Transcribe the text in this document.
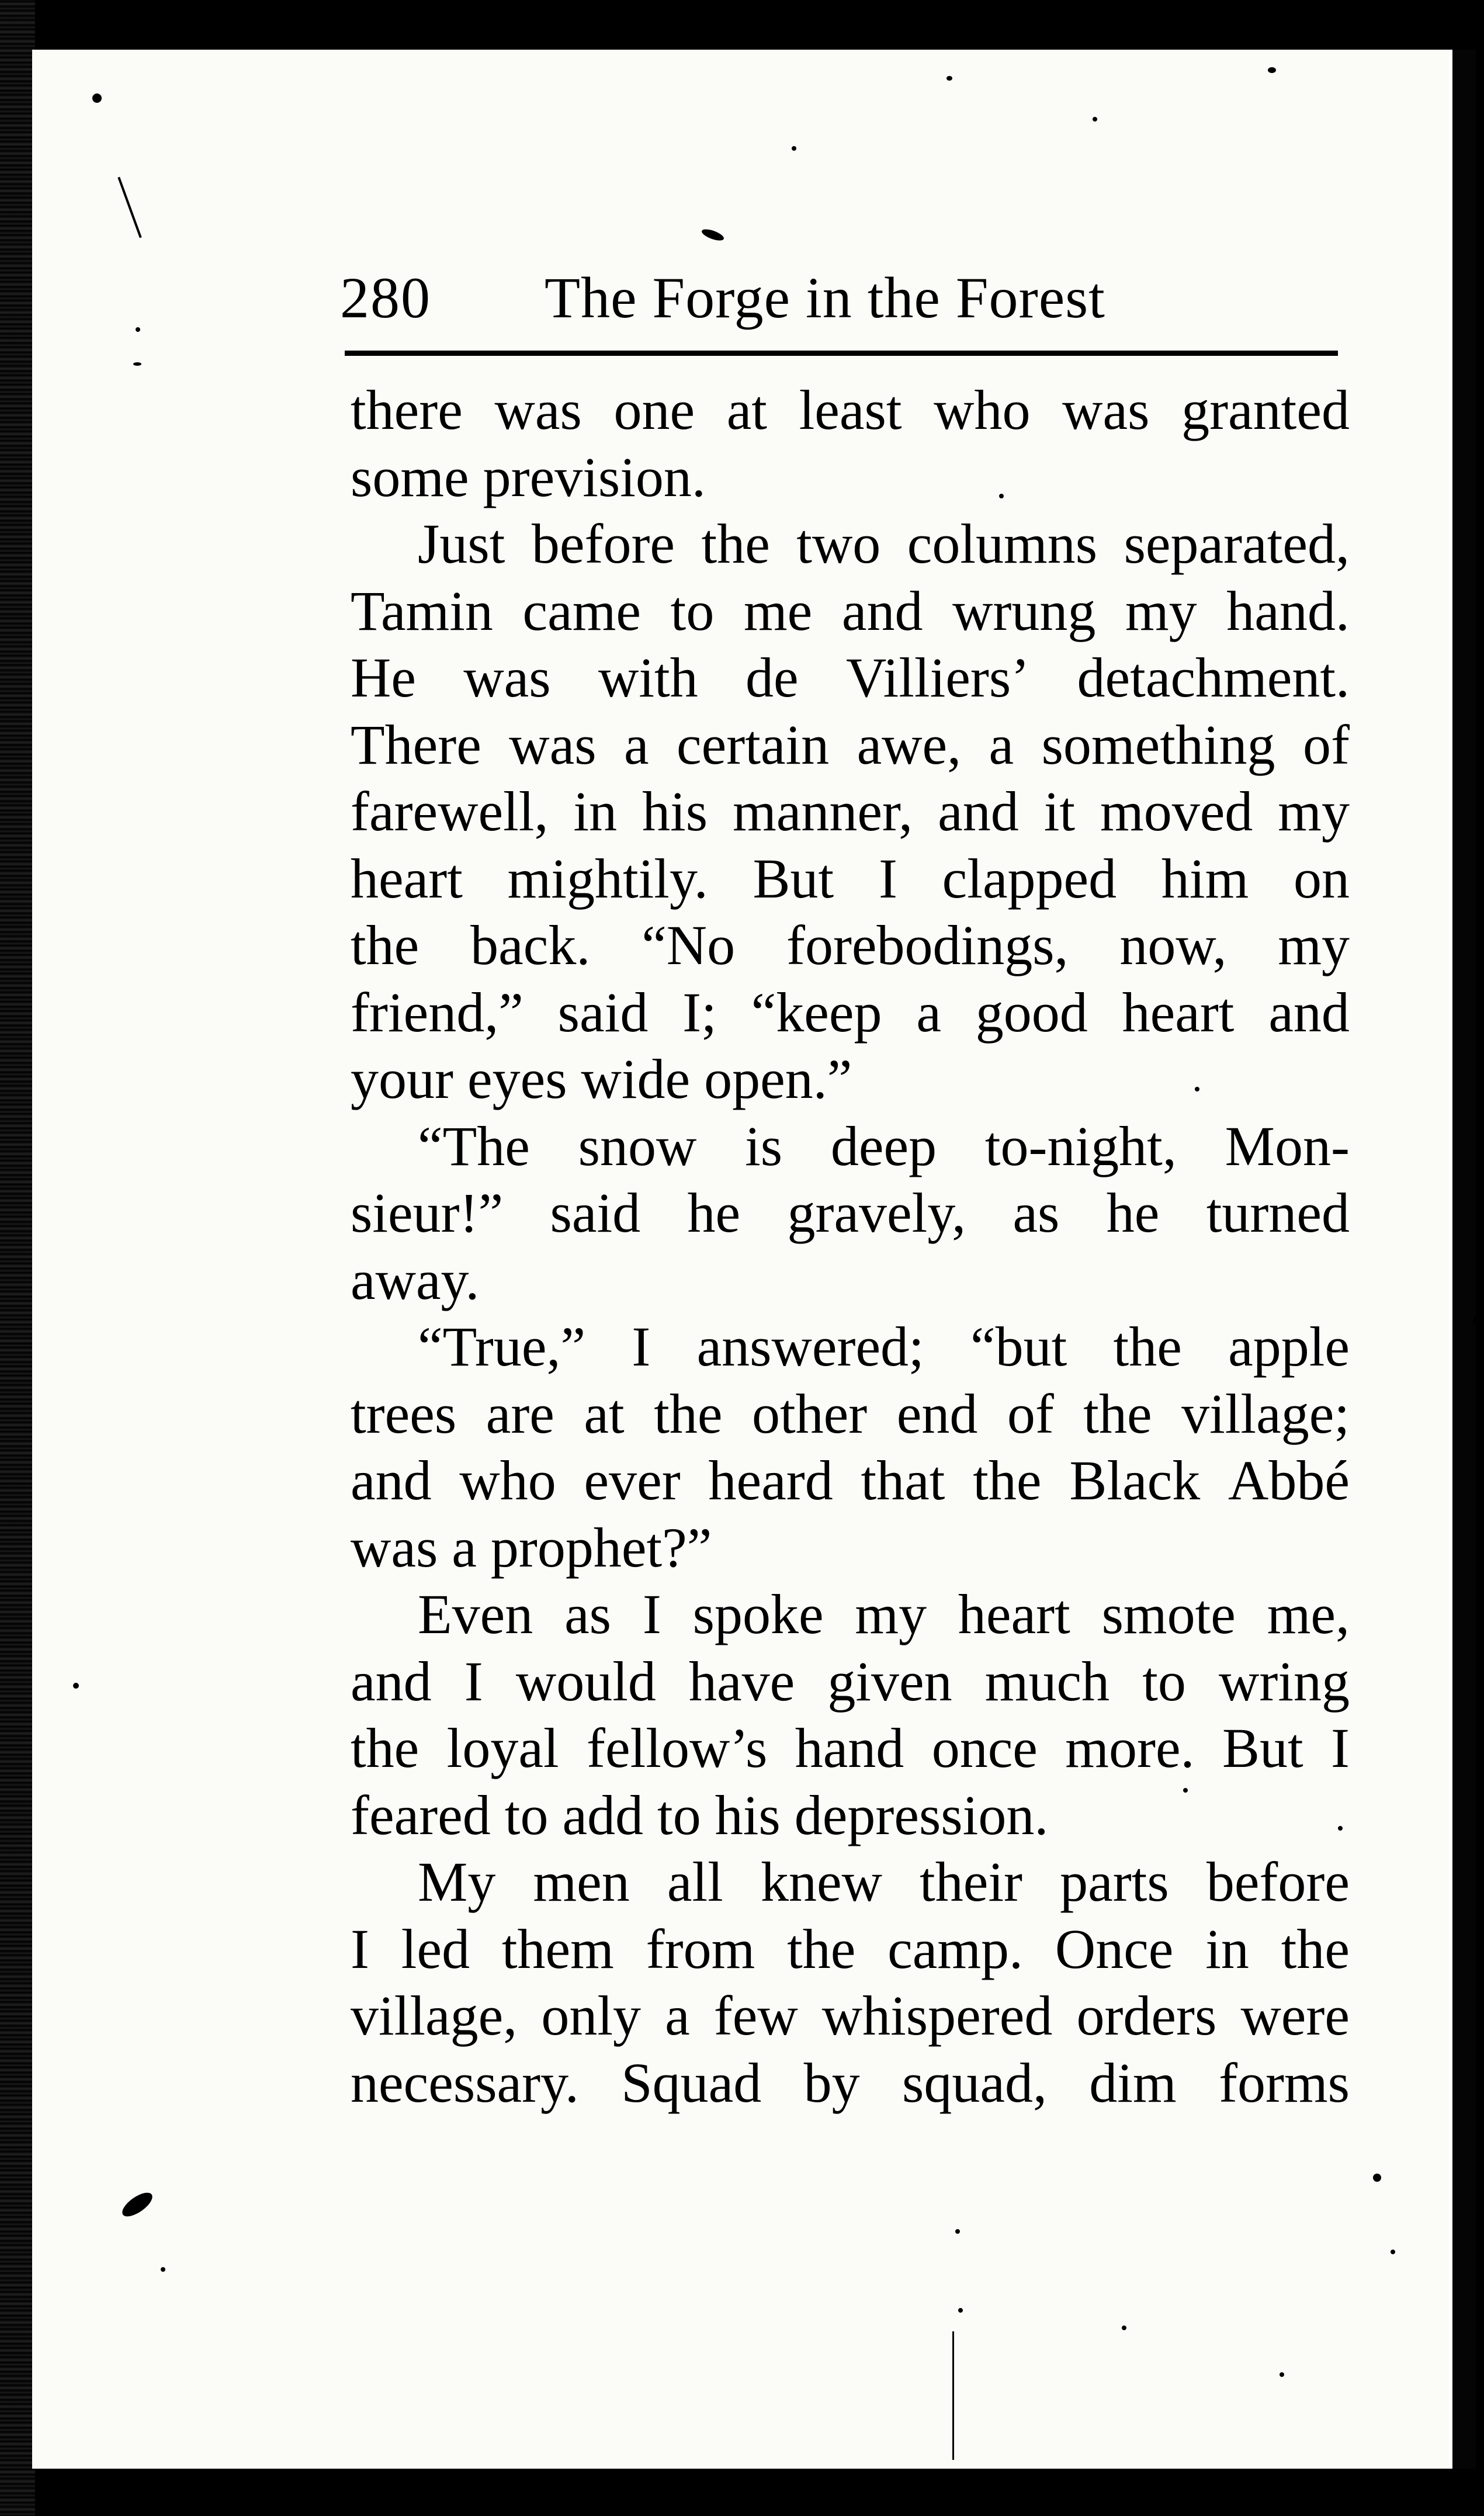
280 The Forge in the Forest
there was one at least who was granted
some prevision.
Just before the two columns separated,
Tamin came to me and wrung my hand.
He was with de Villiers’ detachment.
There was a certain awe, a something of
farewell, in his manner, and it moved my
heart mightily. But I clapped him on
the back. “No forebodings, now, my
friend,” said I; “keep a good heart and
your eyes wide open.”
“The snow is deep to-night, Mon-
sieur!” said he gravely, as he turned
away.
“True,” I answered; “but the apple
trees are at the other end of the village;
and who ever heard that the Black Abbé
was a prophet?”
Even as I spoke my heart smote me,
and I would have given much to wring
the loyal fellow’s hand once more. But I
feared to add to his depression.
My men all knew their parts before
I led them from the camp. Once in the
village, only a few whispered orders were
necessary. Squad by squad, dim forms
